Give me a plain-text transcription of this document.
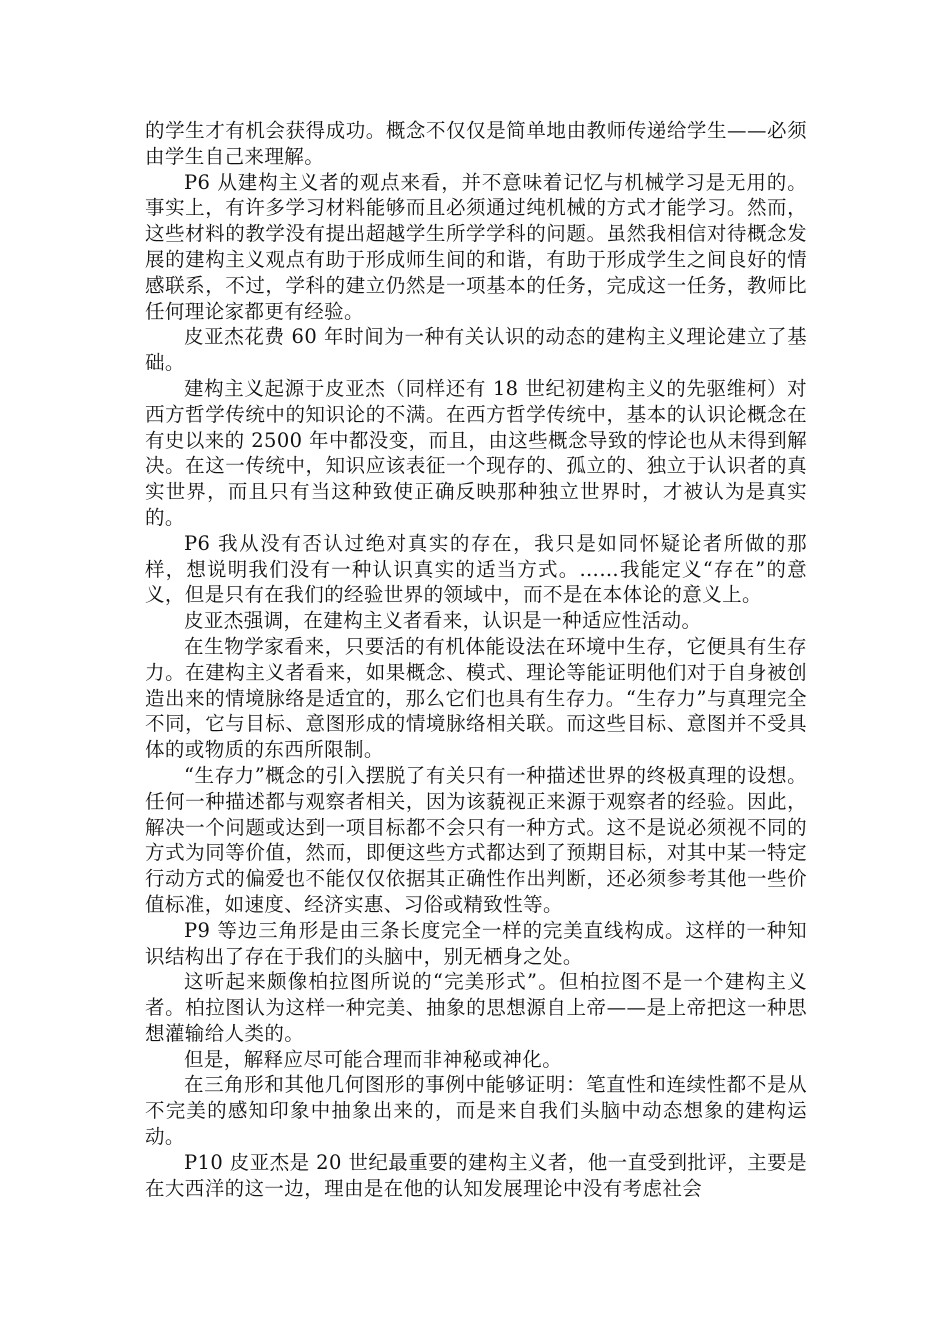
的学生才有机会获得成功。概念不仅仅是简单地由教师传递给学生——必须由学生自己来理解。

P6 从建构主义者的观点来看，并不意味着记忆与机械学习是无用的。事实上，有许多学习材料能够而且必须通过纯机械的方式才能学习。然而，这些材料的教学没有提出超越学生所学学科的问题。虽然我相信对待概念发展的建构主义观点有助于形成师生间的和谐，有助于形成学生之间良好的情感联系，不过，学科的建立仍然是一项基本的任务，完成这一任务，教师比任何理论家都更有经验。

皮亚杰花费 60 年时间为一种有关认识的动态的建构主义理论建立了基础。

建构主义起源于皮亚杰（同样还有 18 世纪初建构主义的先驱维柯）对西方哲学传统中的知识论的不满。在西方哲学传统中，基本的认识论概念在有史以来的 2500 年中都没变，而且，由这些概念导致的悖论也从未得到解决。在这一传统中，知识应该表征一个现存的、孤立的、独立于认识者的真实世界，而且只有当这种致使正确反映那种独立世界时，才被认为是真实的。

P6 我从没有否认过绝对真实的存在，我只是如同怀疑论者所做的那样，想说明我们没有一种认识真实的适当方式。……我能定义“存在”的意义，但是只有在我们的经验世界的领域中，而不是在本体论的意义上。

皮亚杰强调，在建构主义者看来，认识是一种适应性活动。

在生物学家看来，只要活的有机体能设法在环境中生存，它便具有生存力。在建构主义者看来，如果概念、模式、理论等能证明他们对于自身被创造出来的情境脉络是适宜的，那么它们也具有生存力。“生存力”与真理完全不同，它与目标、意图形成的情境脉络相关联。而这些目标、意图并不受具体的或物质的东西所限制。

“生存力”概念的引入摆脱了有关只有一种描述世界的终极真理的设想。任何一种描述都与观察者相关，因为该藐视正来源于观察者的经验。因此，解决一个问题或达到一项目标都不会只有一种方式。这不是说必须视不同的方式为同等价值，然而，即便这些方式都达到了预期目标，对其中某一特定行动方式的偏爱也不能仅仅依据其正确性作出判断，还必须参考其他一些价值标准，如速度、经济实惠、习俗或精致性等。

P9 等边三角形是由三条长度完全一样的完美直线构成。这样的一种知识结构出了存在于我们的头脑中，别无栖身之处。

这听起来颇像柏拉图所说的“完美形式”。但柏拉图不是一个建构主义者。柏拉图认为这样一种完美、抽象的思想源自上帝——是上帝把这一种思想灌输给人类的。

但是，解释应尽可能合理而非神秘或神化。

在三角形和其他几何图形的事例中能够证明：笔直性和连续性都不是从不完美的感知印象中抽象出来的，而是来自我们头脑中动态想象的建构运动。

P10 皮亚杰是 20 世纪最重要的建构主义者，他一直受到批评，主要是在大西洋的这一边，理由是在他的认知发展理论中没有考虑社会
